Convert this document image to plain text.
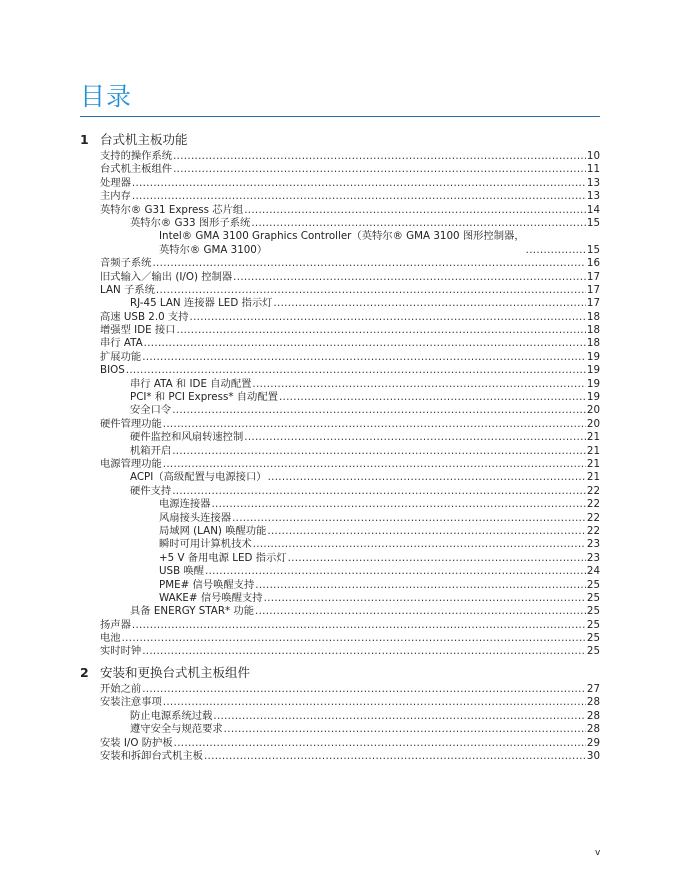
目录
1 台式机主板功能
支持的操作系统 .....	10
台式机主板组件 .....	11
处理器 .....	13
主内存 .....	13
英特尔® G31 Express 芯片组 .....	14
英特尔® G33 图形子系统 .....	15
Intel® GMA 3100 Graphics Controller（英特尔® GMA 3100 图形控制器，
英特尔® GMA 3100） .....	15
音频子系统 .....	16
旧式输入／输出 (I/O) 控制器 .....	17
LAN 子系统 .....	17
RJ-45 LAN 连接器 LED 指示灯 .....	17
高速 USB 2.0 支持 .....	18
增强型 IDE 接口 .....	18
串行 ATA .....	18
扩展功能 .....	19
BIOS .....	19
串行 ATA 和 IDE 自动配置 .....	19
PCI* 和 PCI Express* 自动配置 .....	19
安全口令 .....	20
硬件管理功能 .....	20
硬件监控和风扇转速控制 .....	21
机箱开启 .....	21
电源管理功能 .....	21
ACPI（高级配置与电源接口） .....	21
硬件支持 .....	22
电源连接器 .....	22
风扇接头连接器 .....	22
局域网 (LAN) 唤醒功能 .....	22
瞬时可用计算机技术 .....	23
+5 V 备用电源 LED 指示灯 .....	23
USB 唤醒 .....	24
PME# 信号唤醒支持 .....	25
WAKE# 信号唤醒支持 .....	25
具备 ENERGY STAR* 功能 .....	25
扬声器 .....	25
电池 .....	25
实时时钟 .....	25
2 安装和更换台式机主板组件
开始之前 .....	27
安装注意事项 .....	28
防止电源系统过载 .....	28
遵守安全与规范要求 .....	28
安装 I/O 防护板 .....	29
安装和拆卸台式机主板 .....	30
v
